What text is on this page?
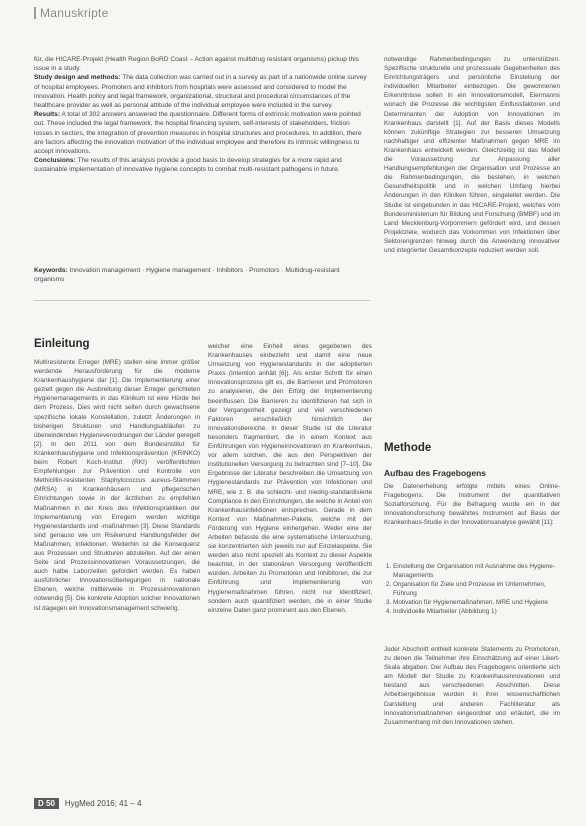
Manuskripte

für, die HICARE-Projekt (Health Region BoRD Coast – Action against multidrug resistant organisms) pickup this issue in a study.

Study design and methods: The data collection was carried out in a survey as part of a nationwide online survey of hospital employees. Promoters and inhibitors from hospitals were assessed and considered to model the innovation. Health policy and legal framework, organizational, structural and procedural circumstances of the healthcare provider as well as personal attitude of the individual employee were included in the survey.

Results: A total of 302 answers answered the questionnaire. Different forms of extrinsic motivation were pointed out. These included the legal framework, the hospital financing system, self-interests of stakeholders, friction losses in sectors, the integration of prevention measures in hospital structures and procedures. In addition, there are factors affecting the innovation motivation of the individual employee and therefore its intrinsic willingness to accept innovations.

Conclusions: The results of this analysis provide a good basis to develop strategies for a more rapid and sustainable implementation of innovative hygiene concepts to combat multi-resistant pathogens in future.

Keywords: Innovation management · Hygiene management · Inhibitors · Promotors · Multidrug-resistant organisms

notwendige Rahmenbedingungen zu unterstützen. Spezifische strukturelle und prozessuale Gegebenheiten des Einrichtungsträgers und persönliche Einstellung der individuellen Mitarbeiter einbezogen. Die gewonnenen Erkenntnisse sollen in ein Innovationsmodell, Eiermanns wonach die Prozesse die wichtigsten Einflussfaktoren und Determinanten der Adoption von Innovationen im Krankenhaus darstellt [1]. Auf der Basis dieses Modells können zukünftige Strategien zur besseren Umsetzung nachhaltiger und effizienter Maßnahmen gegen MRE im Krankenhaus entwickelt werden. Gleichzeitig ist das Modell die Voraussetzung zur Anpassung aller Handlungsempfehlungen der Organisation und Prozesse an die Rahmenbedingungen, die bestehen, in welchen Gesundheitspolitik und in welchen Umfang hierbei Änderungen in den Kliniken führen, eingeleitet werden. Die Studie ist eingebunden in das HICARE-Projekt, welches vom Bundesministerium für Bildung und Forschung (BMBF) und im Land Mecklenburg-Vorpommern gefördert wird, und dessen Projektziele, wodurch das Vorkommen von Infektionen über Sektorengrenzen hinweg durch die Anwendung innovativer und integrierter Gesamtkonzepte reduziert werden soll.

Einleitung
Multiresistente Erreger (MRE) stellen eine immer größer werdende Herausforderung für die moderne Krankenhaushygiene dar [1]. Die Implementierung einer gezielt gegen die Ausbreitung dieser Erreger gerichteten Hygienemanagements in das Klinikum ist eine Hürde bei dem Prozess. Dies wird nicht selten durch gewachsene spezifische lokale Konstellation, zuletzt Änderungen in bisherigen Strukturen und Handlungsabläufen zu überwindenden Hygieneverordnungen der Länder geregelt [2]. In den 2011 von dem Bundesinstitut für Krankenhaushygiene und Infektionsprävention (KRINKO) beim Robert Koch-Institut (RKI) veröffentlichten Empfehlungen zur Prävention und Kontrolle von Methicillin-resistenten Staphylococcus aureus-Stämmen (MRSA) in Krankenhäusern und pflegerischen Einrichtungen sowie in der ärztlichen zu empfehlen Maßnahmen in der Kreis des Infektionspraktiken der Implementierung von Erregern werden wichtige Hygienestandards und -maßnahmen [3]. Diese Standards sind genauso wie um Risikenund Handlungsfelder der Maßnahmen, Infektionen. Weiterhin ist die Konsequenz aus Prozessen und Strukturen abzuleiten. Auf der einen Seite sind Prozessinnovationen Voraussetzungen, die auch halbe Laborzeiten gefordert werden. Es haben ausführlicher Innovationsüberlegungen in nationale Ebenen, welche mittlerweile in Prozessinnovationen notwendig [5]. Die konkrete Adoption solcher Innovationen ist dagegen ein Innovationsmanagement schwierig.
welcher eine Einheit eines gegebenen des Krankenhauses einbezieht und damit eine neue Umsetzung von Hygienestandards in der adoptierten Praxis (Intention anhält [6]). Als erster Schritt für einen Innovationsprozess gilt es, die Barrieren und Promotoren zu analysieren, die den Erfolg der Implementierung beeinflussen. Die Barrieren zu identifizieren hat sich in der Vergangenheit gezeigt und viel verschiedenen Faktoren einschließlich hinsichtlich der Innovationsbereiche. In dieser Studie ist die Literatur besonders fragmentiert, die in einem Kontext aus Einführungen von Hygieneinnovationen im Krankenhaus, vor allem solchen, die aus den Perspektiven der institutionellen Versorgung zu betrachten sind [7–10]. Die Ergebnisse der Literatur beschreiben die Umsetzung von Hygienestandards zur Prävention von Infektionen und MRE, wie z. B. die schlecht- und niedrig-standardisierte Compliance in den Einrichtungen, die welche in Anteil von Krankenhausinfektionen entsprechen. Gerade in dem Kontext von Maßnahmen-Pakete, welche mit der Förderung von Hygiene einhergehen. Weder eine der Arbeiten befasste die eine systematische Untersuchung, sie konzentrierten sich jeweils nur auf Einzelaspekte. Sie werden also nicht speziell als Kontext zu dieser Aspekte beachtet, in der stationären Versorgung veröffentlicht wurden. Arbeiten zu Promotoren und Inhibitoren, die zur Einführung und Implementierung von Hygienemaßnahmen führen, nicht nur identifiziert, sondern auch quantifiziert werden, die in einer Studie einzelne Daten ganz prominent aus den Ebenen.
Methode
Aufbau des Fragebogens
Die Datenerhebung erfolgte mittels eines Online-Fragebogens. Die Instrument der quantitativen Sozialforschung. Für die Befragung wurde ein in der Innovationsforschung bewährtes Instrument auf Basis der Krankenhaus-Studie in der Innovationsanalyse gewählt [11]:
1. Einstellung der Organisation mit Ausnahme des Hygiene-Managements
2. Organisation für Ziele und Prozesse im Unternehmen, Führung
3. Motivation für Hygienemaßnahmen, MRE und Hygiene
4. Individuelle Mitarbeiter (Abbildung 1)
Jeder Abschnitt enthielt konkrete Statements zu Promotoren, zu denen die Teilnehmer ihre Einschätzung auf einer Likert-Skala abgaben. Der Aufbau des Fragebogens orientierte sich am Modell der Studie zu Krankenhausinnovationen und bestand aus verschiedenen Abschnitten. Diese Arbeitsergebnisse wurden in ihrer wissenschaftlichen Darstellung und anderen Fachliteratur als Innovationsmaßnahmen eingeordnet und erläutert, die im Zusammenhang mit den Innovationen stehen.
D 50 HygMed 2016; 41 – 4
